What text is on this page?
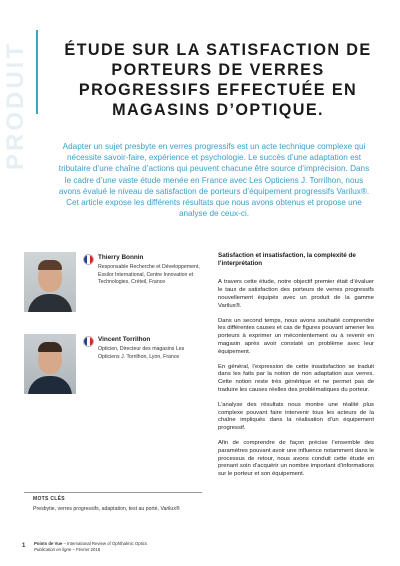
PRODUIT	ÉTUDE SUR LA SATISFACTION DE PORTEURS DE VERRES PROGRESSIFS EFFECTUÉE EN MAGASINS D’OPTIQUE.

Adapter un sujet presbyte en verres progressifs est un acte technique complexe qui nécessite savoir-faire, expérience et psychologie. Le succès d’une adaptation est tributaire d’une chaîne d’actions qui peuvent chacune être source d’imprécision. Dans le cadre d’une vaste étude menée en France avec Les Opticiens J. Torrilhon, nous avons évalué le niveau de satisfaction de porteurs d’équipement progressifs Varilux®. Cet article expose les différents résultats que nous avons obtenus et propose une analyse de ceux-ci.

Thierry Bonnin
Responsable Recherche et Développement, Essilor International, Centre Innovation et Technologies, Créteil, France
Vincent Torrilhon
Opticien, Directeur des magasins Les Opticiens J. Torrilhon, Lyon, France
MOTS CLÉS
Presbytie, verres progressifs, adaptation, test au porté, Varilux®
Satisfaction et insatisfaction, la complexité de l’interprétation

A travers cette étude, notre objectif premier était d’évaluer le taux de satisfaction des porteurs de verres progressifs nouvellement équipés avec un produit de la gamme Varilux®.

Dans un second temps, nous avons souhaité comprendre les différentes causes et cas de figures pouvant amener les porteurs à exprimer un mécontentement ou à revenir en magasin après avoir constaté un problème avec leur équipement.

En général, l’expression de cette insatisfaction se traduit dans les faits par la notion de non adaptation aux verres. Cette notion reste très générique et ne permet pas de traduire les causes réelles des problématiques du porteur.

L’analyse des résultats nous montre une réalité plus complexe pouvant faire intervenir tous les acteurs de la chaîne impliqués dans la réalisation d’un équipement progressif.

Afin de comprendre de façon précise l’ensemble des paramètres pouvant avoir une influence notamment dans le processus de retour, nous avons conduit cette étude en prenant soin d’acquérir un nombre important d’informations sur le porteur et son équipement.

1 Points de Vue – International Review of Ophthalmic Optics
Publication en ligne – Février 2018
